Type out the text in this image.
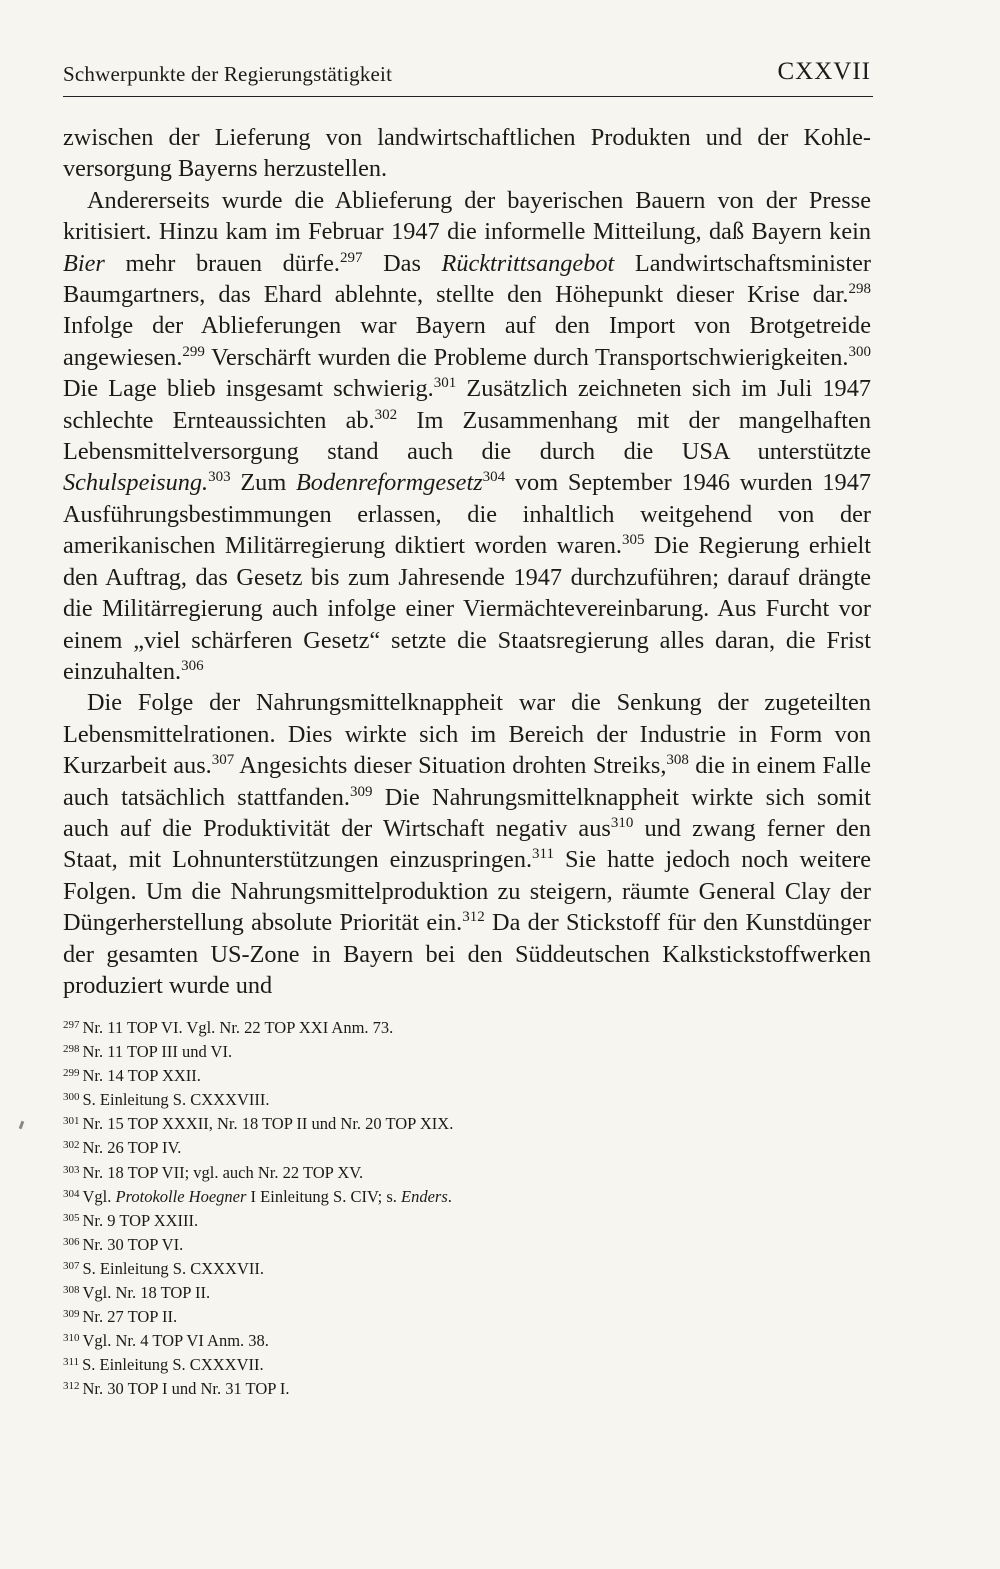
Schwerpunkte der Regierungstätigkeit	CXXVII

zwischen der Lieferung von landwirtschaftlichen Produkten und der Kohleversorgung Bayerns herzustellen.

Andererseits wurde die Ablieferung der bayerischen Bauern von der Presse kritisiert. Hinzu kam im Februar 1947 die informelle Mitteilung, daß Bayern kein Bier mehr brauen dürfe.$^{297}$ Das Rücktrittsangebot Landwirtschaftsminister Baumgartners, das Ehard ablehnte, stellte den Höhepunkt dieser Krise dar.$^{298}$ Infolge der Ablieferungen war Bayern auf den Import von Brotgetreide angewiesen.$^{299}$ Verschärft wurden die Probleme durch Transportschwierigkeiten.$^{300}$ Die Lage blieb insgesamt schwierig.$^{301}$ Zusätzlich zeichneten sich im Juli 1947 schlechte Ernteaussichten ab.$^{302}$ Im Zusammenhang mit der mangelhaften Lebensmittelversorgung stand auch die durch die USA unterstützte Schulspeisung.$^{303}$ Zum Bodenreformgesetz$^{304}$ vom September 1946 wurden 1947 Ausführungsbestimmungen erlassen, die inhaltlich weitgehend von der amerikanischen Militärregierung diktiert worden waren.$^{305}$ Die Regierung erhielt den Auftrag, das Gesetz bis zum Jahresende 1947 durchzuführen; darauf drängte die Militärregierung auch infolge einer Viermächtevereinbarung. Aus Furcht vor einem „viel schärferen Gesetz“ setzte die Staatsregierung alles daran, die Frist einzuhalten.$^{306}$

Die Folge der Nahrungsmittelknappheit war die Senkung der zugeteilten Lebensmittelrationen. Dies wirkte sich im Bereich der Industrie in Form von Kurzarbeit aus.$^{307}$ Angesichts dieser Situation drohten Streiks,$^{308}$ die in einem Falle auch tatsächlich stattfanden.$^{309}$ Die Nahrungsmittelknappheit wirkte sich somit auch auf die Produktivität der Wirtschaft negativ aus$^{310}$ und zwang ferner den Staat, mit Lohnunterstützungen einzuspringen.$^{311}$ Sie hatte jedoch noch weitere Folgen. Um die Nahrungsmittelproduktion zu steigern, räumte General Clay der Düngerherstellung absolute Priorität ein.$^{312}$ Da der Stickstoff für den Kunstdünger der gesamten US-Zone in Bayern bei den Süddeutschen Kalkstickstoffwerken produziert wurde und

$^{297}$ Nr. 11 TOP VI. Vgl. Nr. 22 TOP XXI Anm. 73.
$^{298}$ Nr. 11 TOP III und VI.
$^{299}$ Nr. 14 TOP XXII.
$^{300}$ S. Einleitung S. CXXXVIII.
$^{301}$ Nr. 15 TOP XXXII, Nr. 18 TOP II und Nr. 20 TOP XIX.
$^{302}$ Nr. 26 TOP IV.
$^{303}$ Nr. 18 TOP VII; vgl. auch Nr. 22 TOP XV.
$^{304}$ Vgl. Protokolle Hoegner I Einleitung S. CIV; s. Enders.
$^{305}$ Nr. 9 TOP XXIII.
$^{306}$ Nr. 30 TOP VI.
$^{307}$ S. Einleitung S. CXXXVII.
$^{308}$ Vgl. Nr. 18 TOP II.
$^{309}$ Nr. 27 TOP II.
$^{310}$ Vgl. Nr. 4 TOP VI Anm. 38.
$^{311}$ S. Einleitung S. CXXXVII.
$^{312}$ Nr. 30 TOP I und Nr. 31 TOP I.
